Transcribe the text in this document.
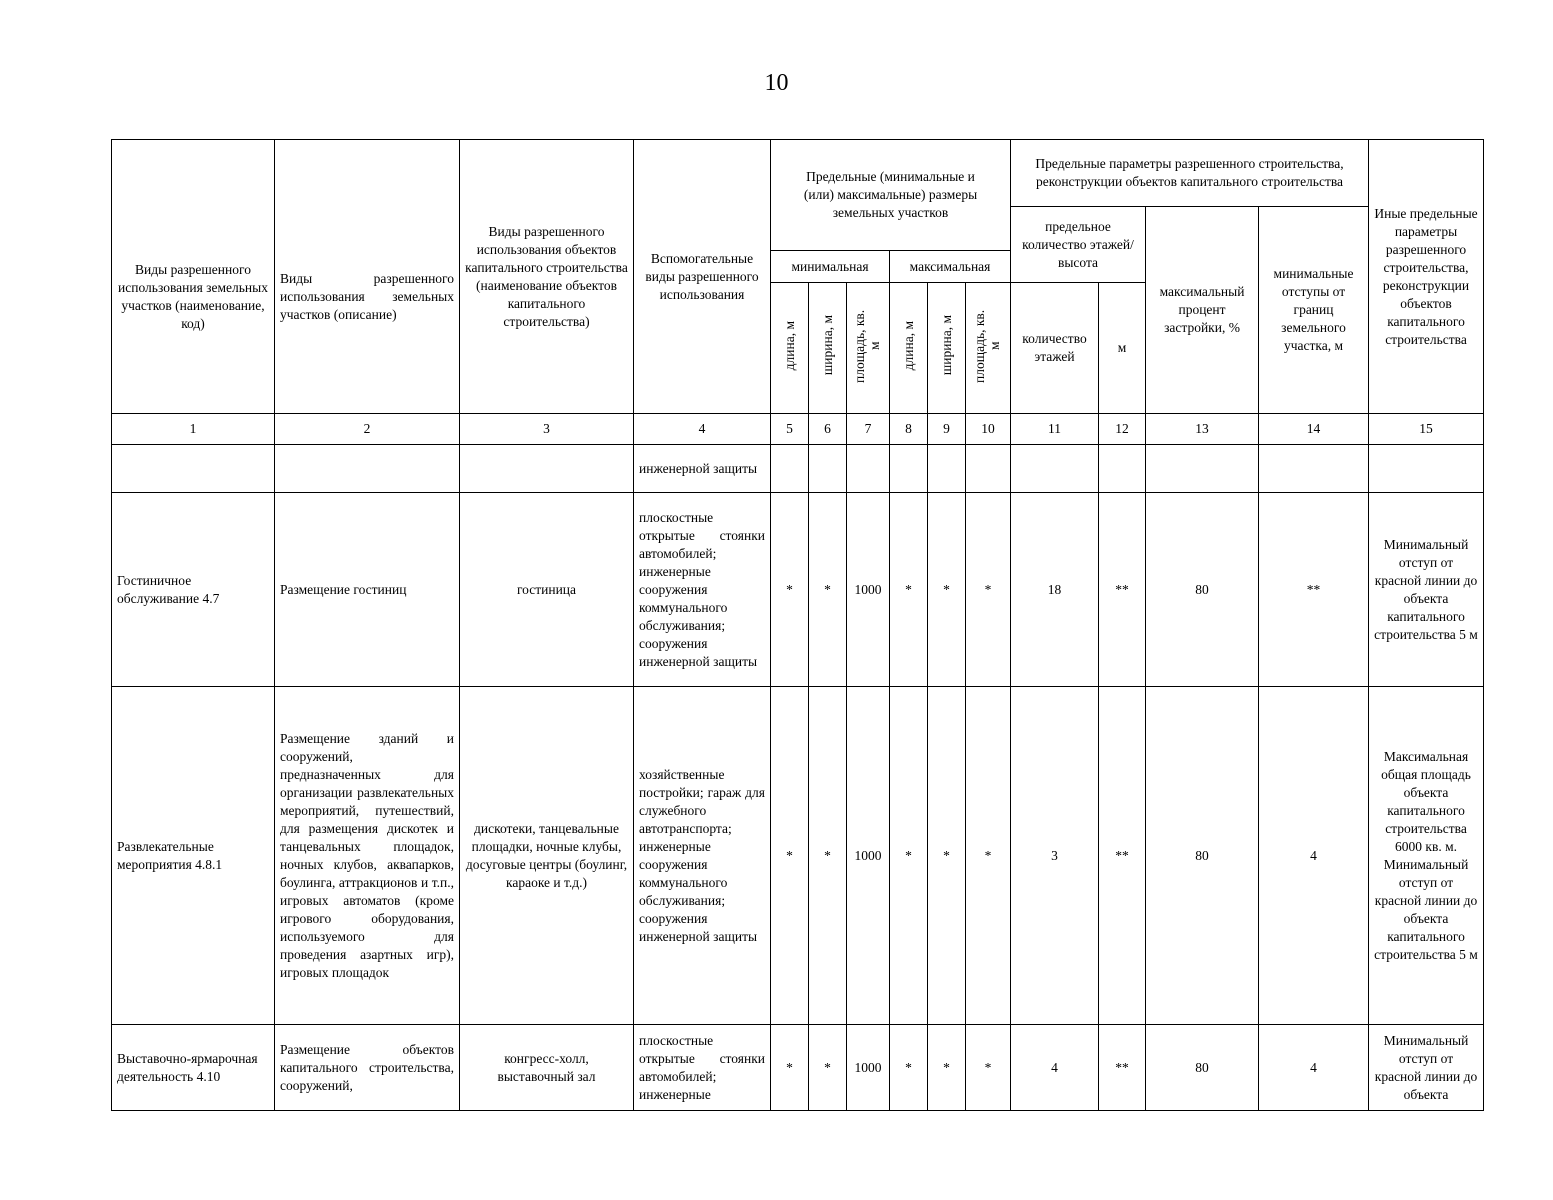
10
Виды разрешенного использования земельных участков (наименование, код)	Виды разрешенного использования земельных участков (описание)	Виды разрешенного использования объектов капитального строительства (наименование объектов капитального строительства)	Вспомогательные виды разрешенного использования	Предельные (минимальные и (или) максимальные) размеры земельных участков						Предельные параметры разрешенного строительства, реконструкции объектов капитального строительства				Иные предельные параметры разрешенного строительства, реконструкции объектов капитального строительства
										предельное количество этажей/высота		максимальный процент застройки, %	минимальные отступы от границ земельного участка, м	
				минимальная			максимальная							
				длина, м	ширина, м	площадь, кв. м	длина, м	ширина, м	площадь, кв. м	количество этажей	м			
1	2	3	4	5	6	7	8	9	10	11	12	13	14	15
			инженерной защиты											
Гостиничное обслуживание 4.7	Размещение гостиниц	гостиница	плоскостные открытые стоянки автомобилей; инженерные сооружения коммунального обслуживания; сооружения инженерной защиты	*	*	1000	*	*	*	18	**	80	**	Минимальный отступ от красной линии до объекта капитального строительства 5 м
Развлекательные мероприятия 4.8.1	Размещение зданий и сооружений, предназначенных для организации развлекательных мероприятий, путешествий, для размещения дискотек и танцевальных площадок, ночных клубов, аквапарков, боулинга, аттракционов и т.п., игровых автоматов (кроме игрового оборудования, используемого для проведения азартных игр), игровых площадок	дискотеки, танцевальные площадки, ночные клубы, досуговые центры (боулинг, караоке и т.д.)	хозяйственные постройки; гараж для служебного автотранспорта; инженерные сооружения коммунального обслуживания; сооружения инженерной защиты	*	*	1000	*	*	*	3	**	80	4	Максимальная общая площадь объекта капитального строительства 6000 кв. м. Минимальный отступ от красной линии до объекта капитального строительства 5 м
Выставочно-ярмарочная деятельность 4.10	Размещение объектов капитального строительства, сооружений,	конгресс-холл, выставочный зал	плоскостные открытые стоянки автомобилей; инженерные	*	*	1000	*	*	*	4	**	80	4	Минимальный отступ от красной линии до объекта
